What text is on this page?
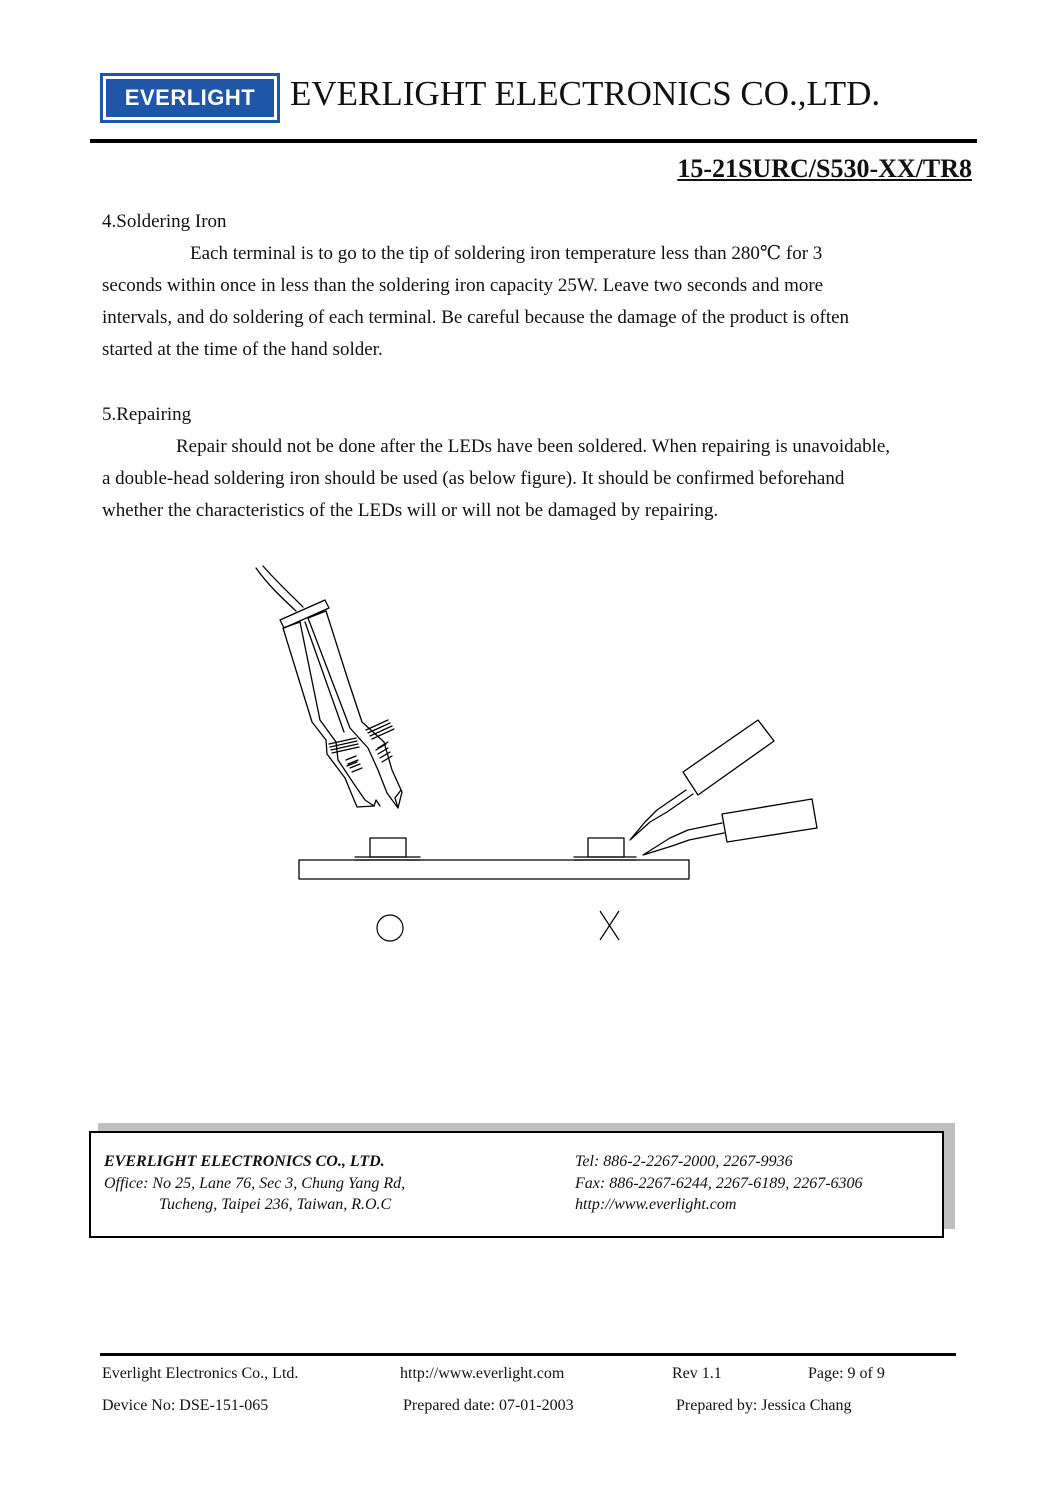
EVERLIGHT EVERLIGHT ELECTRONICS CO.,LTD.
15-21SURC/S530-XX/TR8
4.Soldering Iron
Each terminal is to go to the tip of soldering iron temperature less than 280℃ for 3
seconds within once in less than the soldering iron capacity 25W. Leave two seconds and more
intervals, and do soldering of each terminal. Be careful because the damage of the product is often
started at the time of the hand solder.
5.Repairing
Repair should not be done after the LEDs have been soldered. When repairing is unavoidable,
a double-head soldering iron should be used (as below figure). It should be confirmed beforehand
whether the characteristics of the LEDs will or will not be damaged by repairing.
EVERLIGHT ELECTRONICS CO., LTD.
Office: No 25, Lane 76, Sec 3, Chung Yang Rd,
Tucheng, Taipei 236, Taiwan, R.O.C
Tel: 886-2-2267-2000, 2267-9936
Fax: 886-2267-6244, 2267-6189, 2267-6306
http://www.everlight.com
Everlight Electronics Co., Ltd.	http://www.everlight.com	Rev 1.1	Page: 9 of 9
Device No: DSE-151-065	Prepared date: 07-01-2003	Prepared by: Jessica Chang
